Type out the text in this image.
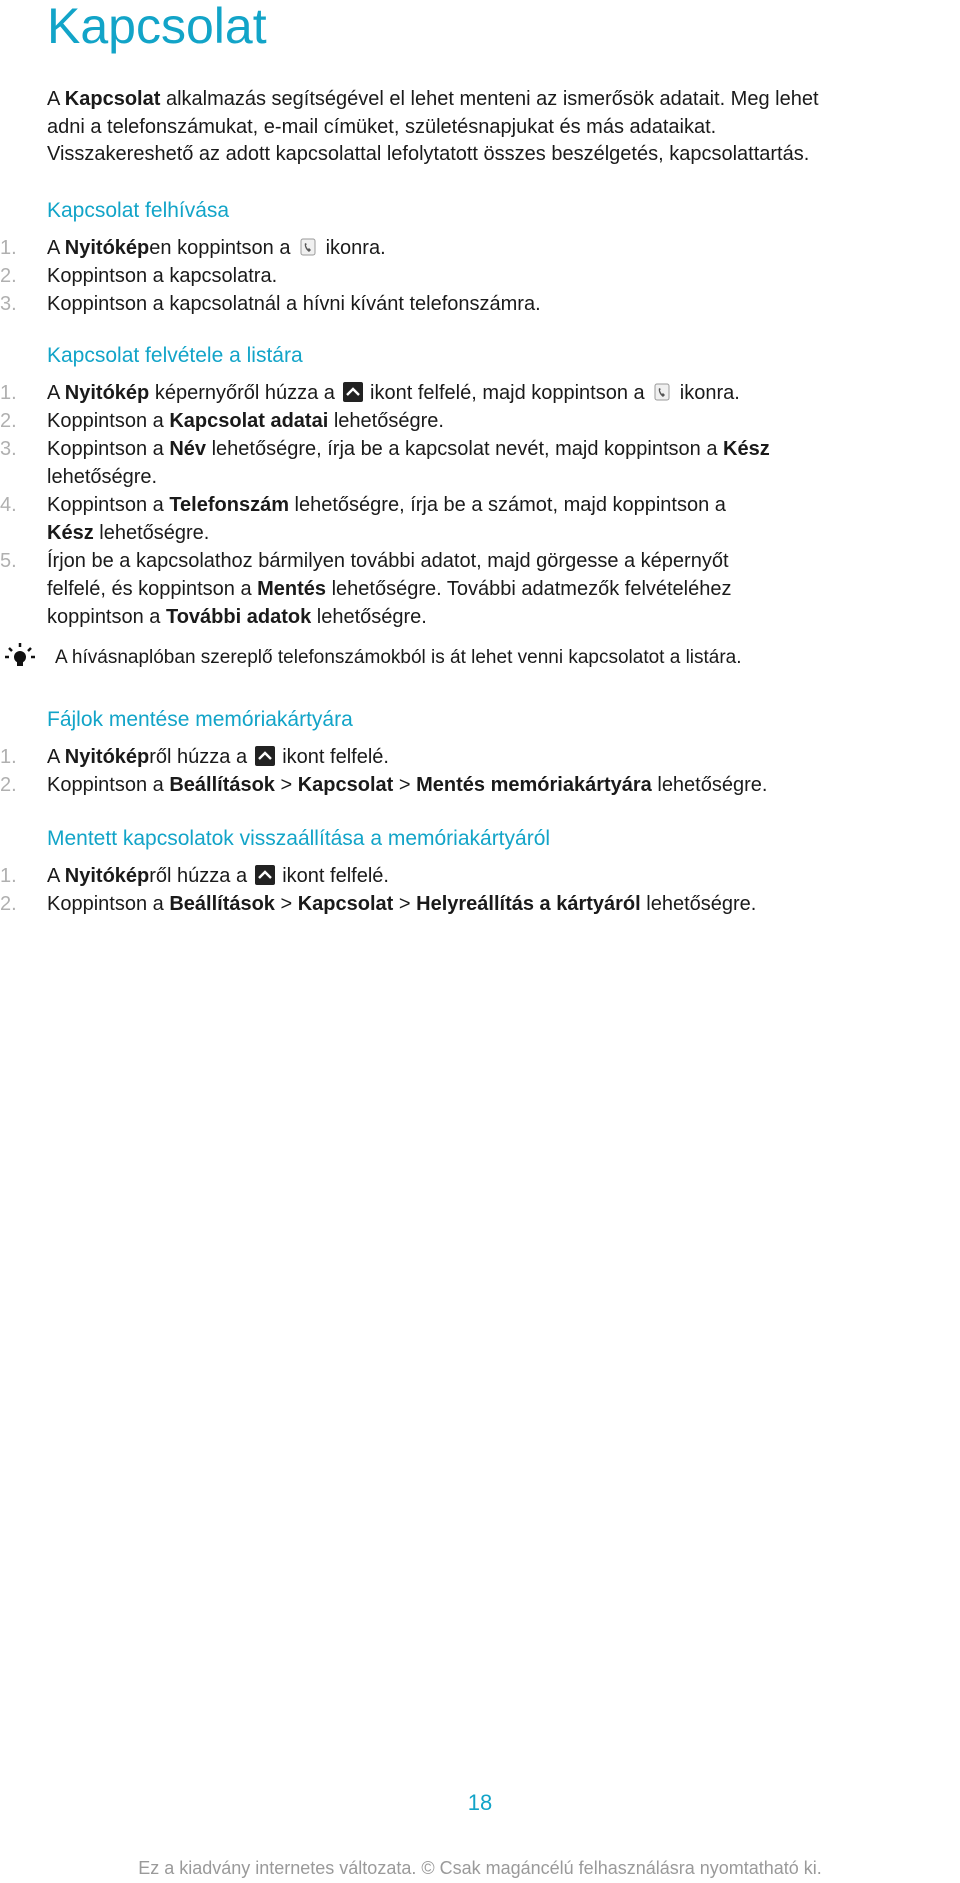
Kapcsolat

A Kapcsolat alkalmazás segítségével el lehet menteni az ismerősök adatait. Meg lehet
adni a telefonszámukat, e-mail címüket, születésnapjukat és más adataikat.
Visszakereshető az adott kapcsolattal lefolytatott összes beszélgetés, kapcsolattartás.

Kapcsolat felhívása

1. A Nyitóképen koppintson a
ikonra.

2. Koppintson a kapcsolatra.

3. Koppintson a kapcsolatnál a hívni kívánt telefonszámra.

Kapcsolat felvétele a listára

1. A Nyitókép képernyőről húzza a
ikont felfelé, majd koppintson a
ikonra.

2. Koppintson a Kapcsolat adatai lehetőségre.

3. Koppintson a Név lehetőségre, írja be a kapcsolat nevét, majd koppintson a Kész
lehetőségre.

4. Koppintson a Telefonszám lehetőségre, írja be a számot, majd koppintson a
Kész lehetőségre.

5. Írjon be a kapcsolathoz bármilyen további adatot, majd görgesse a képernyőt
felfelé, és koppintson a Mentés lehetőségre. További adatmezők felvételéhez
koppintson a További adatok lehetőségre.

A hívásnaplóban szereplő telefonszámokból is át lehet venni kapcsolatot a listára.

Fájlok mentése memóriakártyára

1. A Nyitóképről húzza a
ikont felfelé.

2. Koppintson a Beállítások > Kapcsolat > Mentés memóriakártyára lehetőségre.

Mentett kapcsolatok visszaállítása a memóriakártyáról

1. A Nyitóképről húzza a
ikont felfelé.

2. Koppintson a Beállítások > Kapcsolat > Helyreállítás a kártyáról lehetőségre.

18
Ez a kiadvány internetes változata. © Csak magáncélú felhasználásra nyomtatható ki.
